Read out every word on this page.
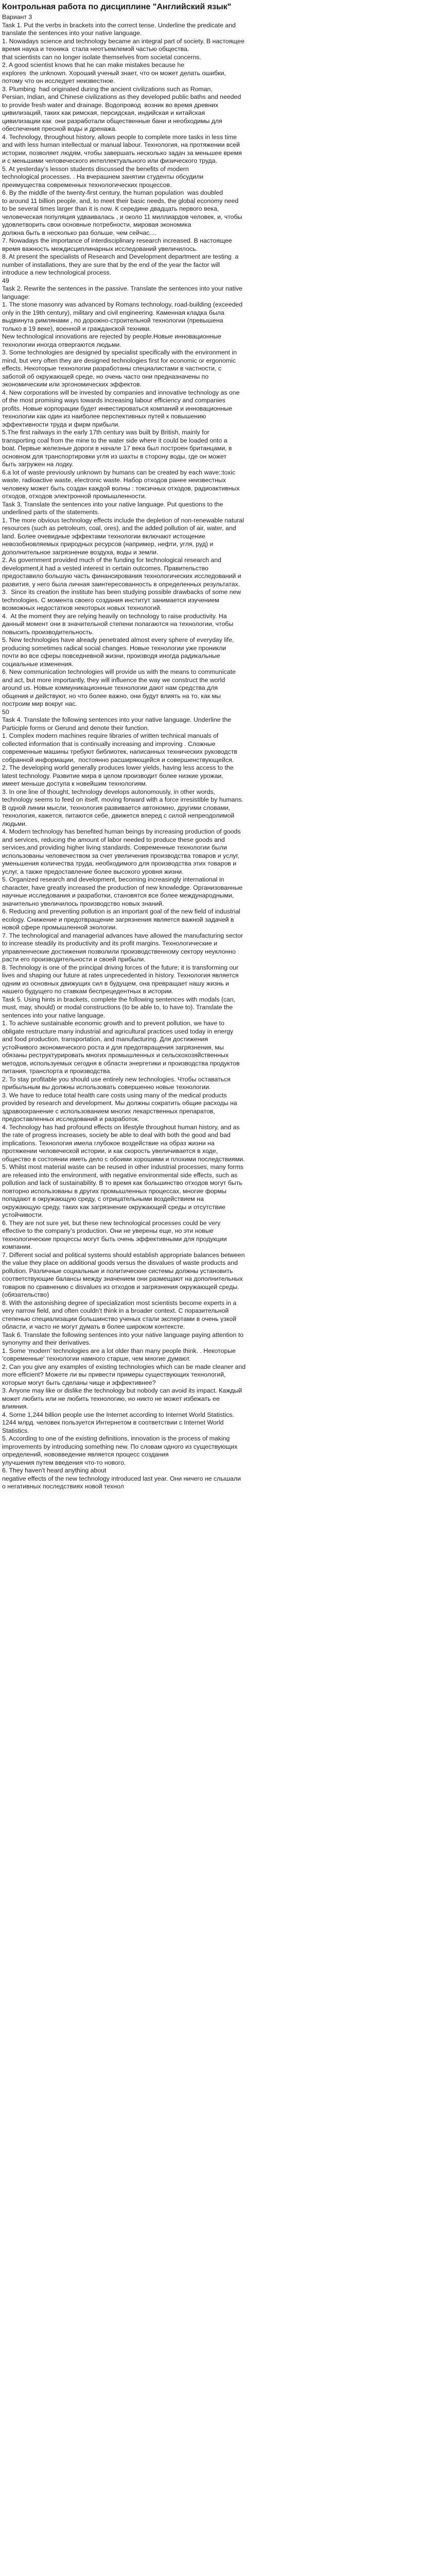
Контрольная работа по дисциплине "Английский язык"
Вариант 3
Task 1. Put the verbs in brackets into the correct tense. Underline the predicate and
translate the sentences into your native language.
1. Nowadays science and technology became an integral part of society. В настоящее
время наука и техника  стала неотъемлемой частью общества.
that scientists can no longer isolate themselves from societal concerns.
2. A good scientist knows that he can make mistakes because he
explores  the unknown. Хороший ученый знает, что он может делать ошибки,
потому что он исследует неизвестное.
3. Plumbing  had originated during the ancient civilizations such as Roman,
Persian, Indian, and Chinese civilizations as they developed public baths and needed
to provide fresh water and drainage. Водопровод  возник во время древних
цивилизаций, таких как римская, персидская, индийская и китайская
цивилизации как  они разработали общественные бани и необходимы для
обеспечения пресной воды и дренажа.
4. Technology, throughout history, allows people to complete more tasks in less time
and with less human intellectual or manual labour. Технология, на протяжении всей
истории, позволяет людям, чтобы завершать несколько задач за меньшее время
и с меньшими человеческого интеллектуального или физического труда.
5. At yesterday’s lesson students discussed the benefits of modern
technological processes. . На вчерашнем занятии студенты обсудили
преимущества современных технологических процессов.
6. By the middle of the twenty-first century, the human population  was doubled
to around 11 billion people, and, to meet their basic needs, the global economy need
to be several times larger than it is now. К середине двадцать первого века,
человеческая популяция удваивалась , и около 11 миллиардов человек, и, чтобы
удовлетворить свои основные потребности, мировая экономика
должна быть в несколько раз больше, чем сейчас....
7. Nowadays the importance of interdisciplinary research increased. В настоящее
время важность междисциплинарных исследований увеличилось.
8. At present the specialists of Research and Development department are testing  a
number of installations, they are sure that by the end of the year the factor will
introduce a new technological process.
49
Task 2. Rewrite the sentences in the passive. Translate the sentences into your native
language:
1. The stone masonry was advanced by Romans technology, road-building (exceeded
only in the 19th century), military and civil engineering. Каменная кладка была
выдвинута римлянами , по дорожно-строительной технологии (превышена
только в 19 веке), военной и гражданской техники.
New technological innovations are rejected by people.Новые инновационные
технологии иногда отвергаются людьми.
3. Some technologies are designed by specialist specifically with the environment in
mind, but very often they are designed technologies first for economic or ergonomic
effects. Некоторые технологии разработаны специалистами в частности, с
заботой об окружающей среде, но очень часто они предназначены по
экономическим или эргономических эффектов.
4. New corporations will be invested by companies and innovative technology as one
of the most promising ways towards increasing labour efficiency and companies
profits. Новые корпорации будет инвестироваться компаний и инновационные
технологии как один из наиболее перспективных путей к повышению
эффективности труда и фирм прибыли.
5.The first railways in the early 17th century was built by British, mainly for
transporting coal from the mine to the water side where it could be loaded onto a
boat. Первые железные дороги в начале 17 века был построен британцами, в
основном для транспортировки угля из шахты в сторону воды, где он может
быть загружен на лодку.
6.a lot of waste previously unknown by humans can be created by each wave::toxic
waste, radioactive waste, electronic waste. Набор отходов ранее неизвестных
человеку может быть создан каждой волны : токсичных отходов, радиоактивных
отходов, отходов электронной промышленности.
Task 3. Translate the sentences into your native language. Put questions to the
underlined parts of the statements.
1. The more obvious technology effects include the depletion of non-renewable natural
resources (such as petroleum, coal, ores), and the added pollution of air, water, and
land. Более очевидные эффектами технологии включают истощение
невозобновляемых природных ресурсов (например, нефти, угля, руд) и
дополнительное загрязнение воздуха, воды и земли.
2. As government provided much of the funding for technological research and
development,it had a vested interest in certain outcomes. Правительство
предоставило большую часть финансирования технологических исследований и
развития, у него была личная заинтересованность в определенных результатах.
3.  Since its creation the institute has been studying possible drawbacks of some new
technologies. С момента своего создания институт занимается изучением
возможных недостатков некоторых новых технологий.
4.  At the moment they are relying heavily on technology to raise productivity. На
данный момент они в значительной степени полагаются на технологии, чтобы
повысить производительность.
5. New technologies have already penetrated almost every sphere of everyday life,
producing sometimes radical social changes. Новые технологии уже проникли
почти во все сферы повседневной жизни, производя иногда радикальные
социальные изменения.
6. New communication technologies will provide us with the means to communicate
and act, but more importantly, they will influence the way we construct the world
around us. Новые коммуникационные технологии дают нам средства для
общения и действуют, но что более важно, они будут влиять на то, как мы
построим мир вокруг нас.
50
Task 4. Translate the following sentences into your native language. Underline the
Participle forms or Gerund and denote their function.
1. Complex modern machines require libraries of written technical manuals of
collected information that is continually increasing and improving . Сложные
современные машины требуют библиотек, написанных технических руководств
собранной информации,  постоянно расширяющейся и совершенствующейся.
2. The developing world generally produces lower yields, having less access to the
latest technology. Развитие мира в целом производит более низкие урожаи,
имеет меньше доступа к новейшим технологиям.
3. In one line of thought, technology develops autonomously, in other words,
technology seems to feed on itself, moving forward with a force irresistible by humans.
В одной линии мысли, технология развивается автономно, другими словами,
технология, кажется, питаются себе, движется вперед с силой непреодолимой
людьми.
4. Modern technology has benefited human beings by increasing production of goods
and services, reducing the amount of labor needed to produce these goods and
services,and providing higher living standards. Современные технологии были
использованы человечеством за счет увеличения производства товаров и услуг,
уменьшения количества труда, необходимого для производства этих товаров и
услуг, а также предоставление более высокого уровня жизни.
5. Organized research and development, becoming increasingly international in
character, have greatly increased the production of new knowledge. Организованные
научные исследования и разработки, становятся все более международными,
значительно увеличилось производство новых знаний.
6. Reducing and preventing pollution is an important goal of the new field of industrial
ecology. Снижение и предотвращение загрязнения является важной задачей в
новой сфере промышленной экологии.
7. The technological and managerial advances have allowed the manufacturing sector
to increase steadily its productivity and its profit margins. Технологические и
управленческие достижения позволили производственному сектору неуклонно
расти его производительности и своей прибыли.
8. Technology is one of the principal driving forces of the future; it is transforming our
lives and shaping our future at rates unprecedented in history. Технология является
одним из основных движущих сил в будущем, она превращает нашу жизнь и
нашего будущего по ставкам беспрецедентных в истории.
Task 5. Using hints in brackets, complete the following sentences with modals (can,
must, may, should) or modal constructions (to be able to, to have to). Translate the
sentences into your native language.
1. To achieve sustainable economic growth and to prevent pollution, we have to
obligate restructure many industrial and agricultural practices used today in energy
and food production, transportation, and manufacturing. Для достижения
устойчивого экономического роста и для предотвращения загрязнения, мы
обязаны реструктурировать многих промышленных и сельскохозяйственных
методов, используемых сегодня в области энергетики и производства продуктов
питания, транспорта и производства.
2. To stay profitable you should use entirely new technologies. Чтобы оставаться
прибыльным вы должны использовать совершенно новые технологии.
3. We have to reduce total health care costs using many of the medical products
provided by research and development. Мы должны сократить общие расходы на
здравоохранение с использованием многих лекарственных препаратов,
предоставленных исследований и разработок.
4. Technology has had profound effects on lifestyle throughout human history, and as
the rate of progress increases, society be able to deal with both the good and bad
implications. Технология имела глубокое воздействие на образ жизни на
протяжении человеческой истории, и как скорость увеличивается в ходе,
общество в состоянии иметь дело с обоими хорошими и плохими последствиями.
5. Whilst most material waste can be reused in other industrial processes, many forms
are released into the environment, with negative environmental side effects, such as
pollution and lack of sustainability. В то время как большинство отходов могут быть
повторно использованы в других промышленных процессах, многие формы
попадают в окружающую среду, с отрицательными воздействием на
окружающую среду, таких как загрязнение окружающей среды и отсутствие
устойчивости.
6. They are not sure yet, but these new technological processes could be very
effective to the company’s production. Они не уверены еще, но эти новые
технологические процессы могут быть очень эффективными для продукции
компании.
7. Different social and political systems should establish appropriate balances between
the value they place on additional goods versus the disvalues of waste products and
pollution. Различные социальные и политические системы должны установить
соответствующие балансы между значением они размещают на дополнительных
товаров по сравнению с disvalues из отходов и загрязнения окружающей среды.
(обязательство)
8. With the astonishing degree of specialization most scientists become experts in a
very narrow field, and often couldn’t think in a broader context. С поразительной
степенью специализации большинство ученых стали экспертами в очень узкой
области, и часто не могут думать в более широком контексте.
Task 6. Translate the following sentences into your native language paying attention to
synonymy and their derivatives.
1. Some ‘modern’ technologies are a lot older than many people think. . Некоторые
'современные' технологии намного старше, чем многие думают.
2. Can you give any examples of existing technologies which can be made cleaner and
more efficient? Можете ли вы привести примеры существующих технологий,
которые могут быть сделаны чище и эффективнее?
3. Anyone may like or dislike the technology but nobody can avoid its impact. Каждый
может любить или не любить технологию, но никто не может избежать ее
влияния.
4. Some 1,244 billion people use the Internet according to Internet World Statistics.
1244 млрд. человек пользуется Интернетом в соответствии с Internet World
Statistics.
5. According to one of the existing definitions, innovation is the process of making
improvements by introducing something new. По словам одного из существующих
определений, нововведение является процесс создания
улучшения путем введения что-то нового.
6. They haven't heard anything about
negative effects of the new technology introduced last year. Они ничего не слышали
о негативных последствиях новой технол
